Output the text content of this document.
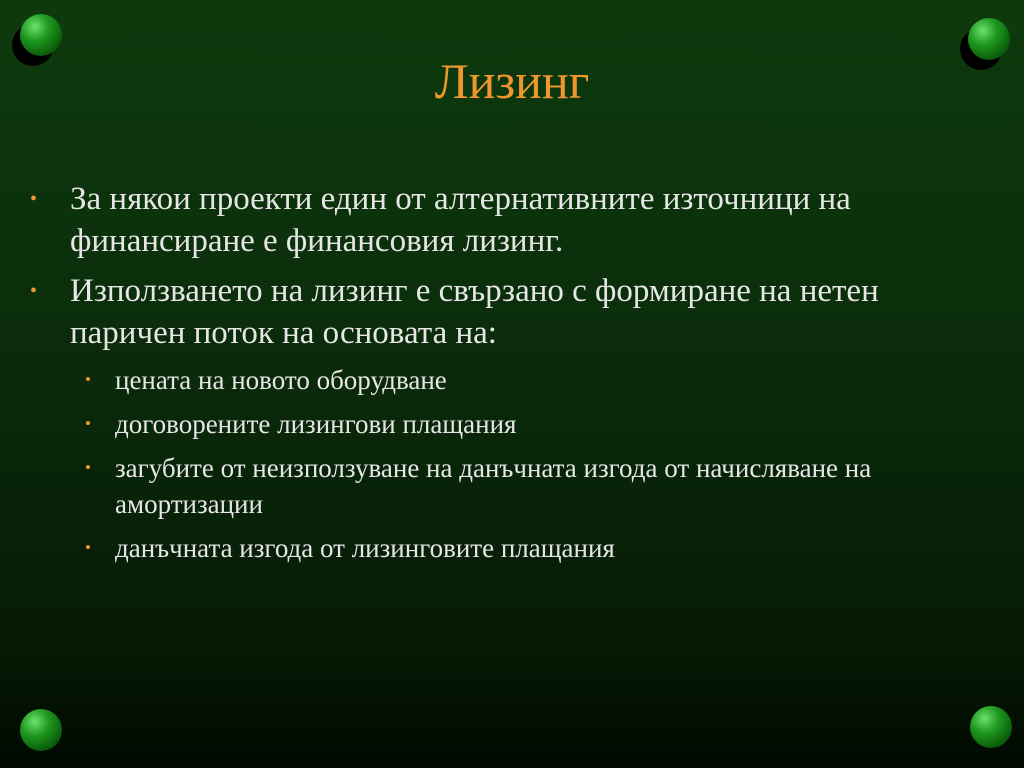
Лизинг
• За някои проекти един от алтернативните източници на финансиране е финансовия лизинг.
• Използването на лизинг е свързано с формиране на нетен паричен поток на основата на:
• цената на новото оборудване
• договорените лизингови плащания
• загубите от неизползуване на данъчната изгода от начисляване на амортизации
• данъчната изгода от лизинговите плащания
